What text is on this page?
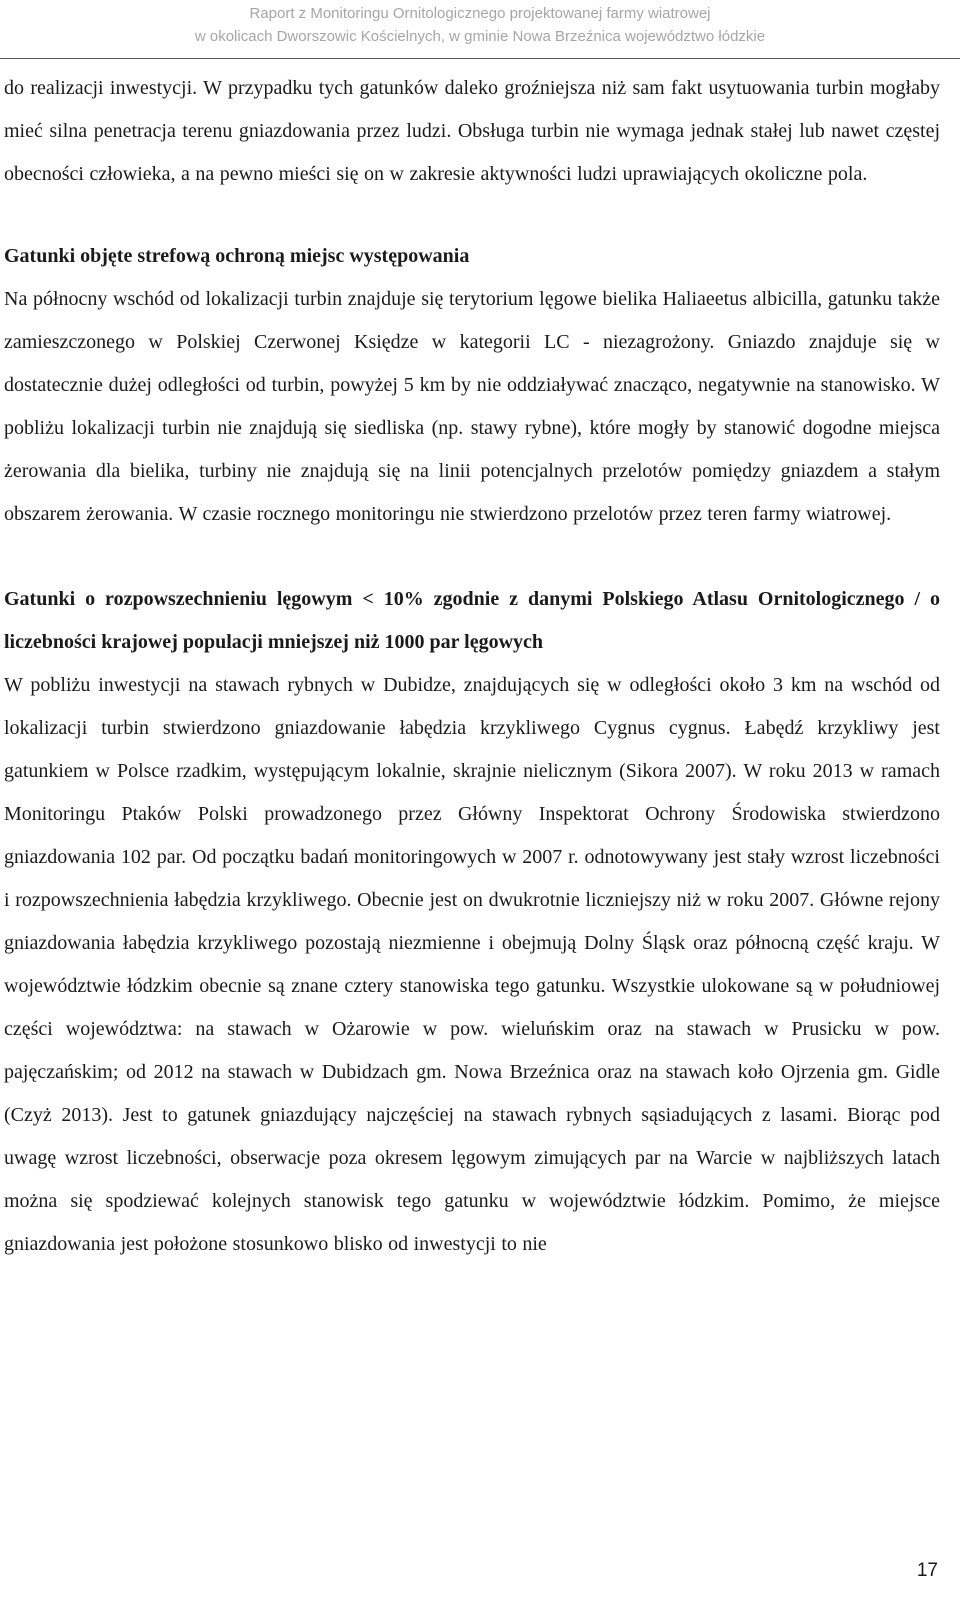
Raport z Monitoringu Ornitologicznego projektowanej farmy wiatrowej
w okolicach Dworszowic Kościelnych, w gminie Nowa Brzeźnica województwo łódzkie

do realizacji inwestycji. W przypadku tych gatunków daleko groźniejsza niż sam fakt usytuowania turbin mogłaby mieć silna penetracja terenu gniazdowania przez ludzi. Obsługa turbin nie wymaga jednak stałej lub nawet częstej obecności człowieka, a na pewno mieści się on w zakresie aktywności ludzi uprawiających okoliczne pola.

Gatunki objęte strefową ochroną miejsc występowania

Na północny wschód od lokalizacji turbin znajduje się terytorium lęgowe bielika Haliaeetus albicilla, gatunku także zamieszczonego w Polskiej Czerwonej Księdze w kategorii LC - niezagrożony. Gniazdo znajduje się w dostatecznie dużej odległości od turbin, powyżej 5 km by nie oddziaływać znacząco, negatywnie na stanowisko. W pobliżu lokalizacji turbin nie znajdują się siedliska (np. stawy rybne), które mogły by stanowić dogodne miejsca żerowania dla bielika, turbiny nie znajdują się na linii potencjalnych przelotów pomiędzy gniazdem a stałym obszarem żerowania. W czasie rocznego monitoringu nie stwierdzono przelotów przez teren farmy wiatrowej.

Gatunki o rozpowszechnieniu lęgowym < 10% zgodnie z danymi Polskiego Atlasu Ornitologicznego / o liczebności krajowej populacji mniejszej niż 1000 par lęgowych

W pobliżu inwestycji na stawach rybnych w Dubidze, znajdujących się w odległości około 3 km na wschód od lokalizacji turbin stwierdzono gniazdowanie łabędzia krzykliwego Cygnus cygnus. Łabędź krzykliwy jest gatunkiem w Polsce rzadkim, występującym lokalnie, skrajnie nielicznym (Sikora 2007). W roku 2013 w ramach Monitoringu Ptaków Polski prowadzonego przez Główny Inspektorat Ochrony Środowiska stwierdzono gniazdowania 102 par. Od początku badań monitoringowych w 2007 r. odnotowywany jest stały wzrost liczebności i rozpowszechnienia łabędzia krzykliwego. Obecnie jest on dwukrotnie liczniejszy niż w roku 2007. Główne rejony gniazdowania łabędzia krzykliwego pozostają niezmienne i obejmują Dolny Śląsk oraz północną część kraju. W województwie łódzkim obecnie są znane cztery stanowiska tego gatunku. Wszystkie ulokowane są w południowej części województwa: na stawach w Ożarowie w pow. wieluńskim oraz na stawach w Prusicku w pow. pajęczańskim; od 2012 na stawach w Dubidzach gm. Nowa Brzeźnica oraz na stawach koło Ojrzenia gm. Gidle (Czyż 2013). Jest to gatunek gniazdujący najczęściej na stawach rybnych sąsiadujących z lasami. Biorąc pod uwagę wzrost liczebności, obserwacje poza okresem lęgowym zimujących par na Warcie w najbliższych latach można się spodziewać kolejnych stanowisk tego gatunku w województwie łódzkim. Pomimo, że miejsce gniazdowania jest położone stosunkowo blisko od inwestycji to nie

17
